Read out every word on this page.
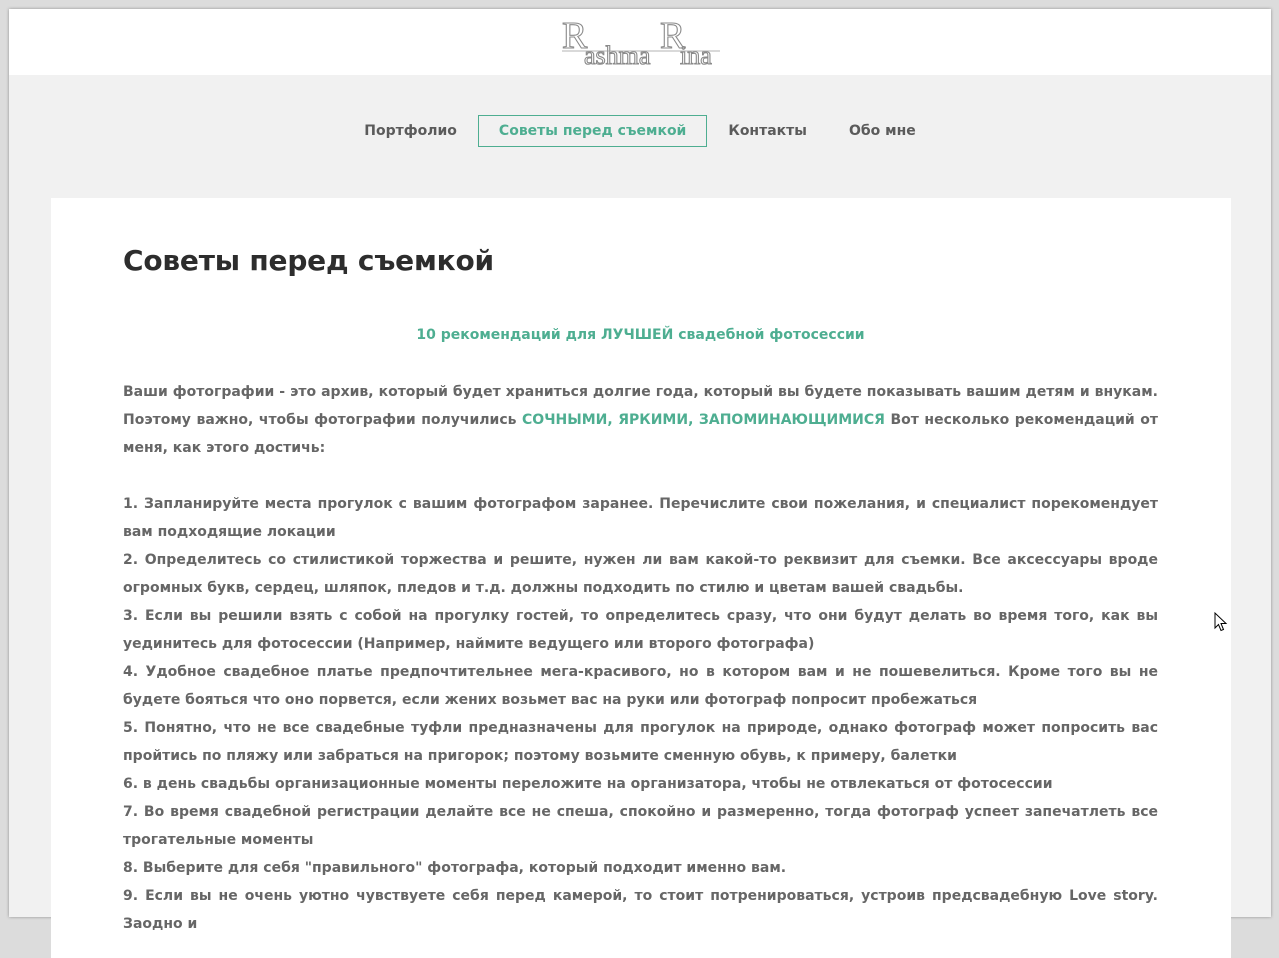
R
ashma R
ina
Портфолио	Советы перед съемкой	Контакты	Обо мне
Советы перед съемкой
10 рекомендаций для ЛУЧШЕЙ свадебной фотосессии

Ваши фотографии - это архив, который будет храниться долгие года, который вы будете показывать вашим детям и внукам. Поэтому важно, чтобы фотографии получились СОЧНЫМИ, ЯРКИМИ, ЗАПОМИНАЮЩИМИСЯ Вот несколько рекомендаций от меня, как этого достичь:

1. Запланируйте места прогулок с вашим фотографом заранее. Перечислите свои пожелания, и специалист порекомендует вам подходящие локации

2. Определитесь со стилистикой торжества и решите, нужен ли вам какой-то реквизит для съемки. Все аксессуары вроде огромных букв, сердец, шляпок, пледов и т.д. должны подходить по стилю и цветам вашей свадьбы.

3. Если вы решили взять с собой на прогулку гостей, то определитесь сразу, что они будут делать во время того, как вы уединитесь для фотосессии (Например, наймите ведущего или второго фотографа)

4. Удобное свадебное платье предпочтительнее мега-красивого, но в котором вам и не пошевелиться. Кроме того вы не будете бояться что оно порвется, если жених возьмет вас на руки или фотограф попросит пробежаться

5. Понятно, что не все свадебные туфли предназначены для прогулок на природе, однако фотограф может попросить вас пройтись по пляжу или забраться на пригорок; поэтому возьмите сменную обувь, к примеру, балетки

6. в день свадьбы организационные моменты переложите на организатора, чтобы не отвлекаться от фотосессии

7. Во время свадебной регистрации делайте все не спеша, спокойно и размеренно, тогда фотограф успеет запечатлеть все трогательные моменты

8. Выберите для себя "правильного" фотографа, который подходит именно вам.

9. Если вы не очень уютно чувствуете себя перед камерой, то стоит потренироваться, устроив предсвадебную Love story. Заодно и
